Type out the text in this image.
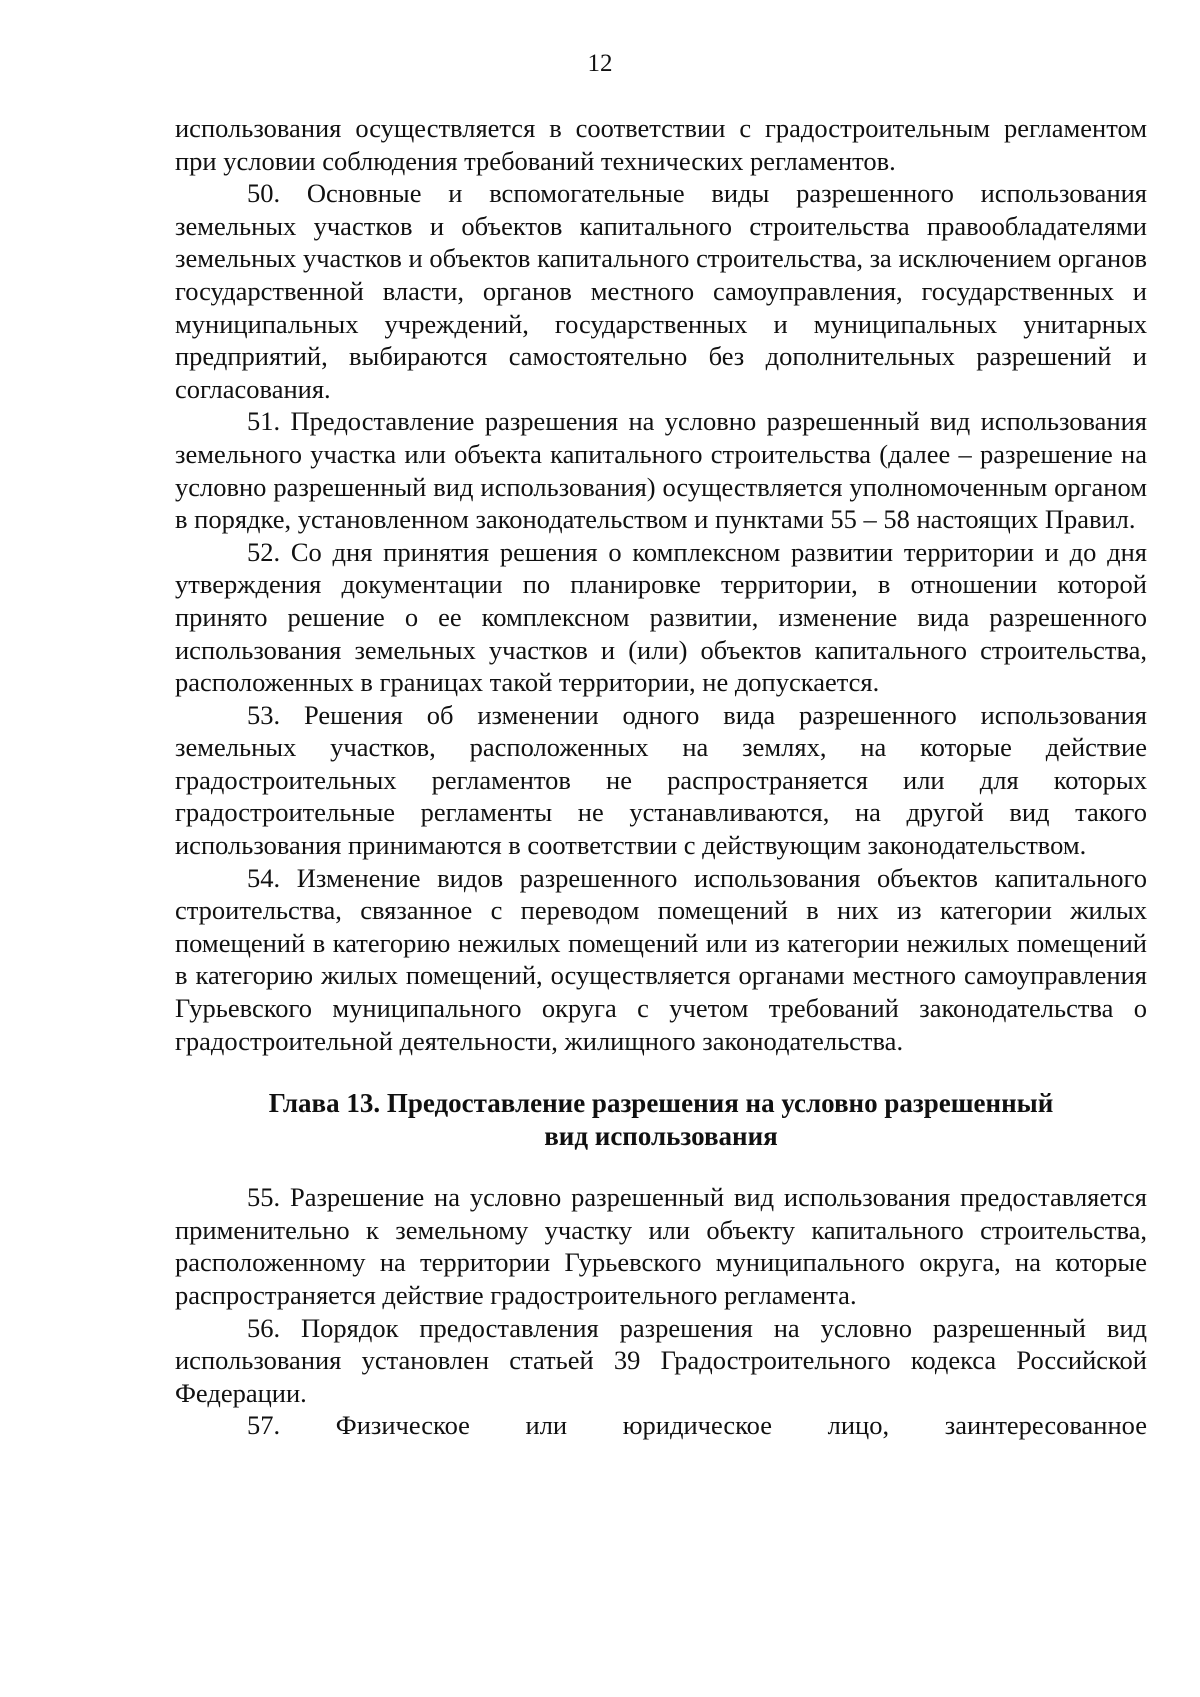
12

использования осуществляется в соответствии с градостроительным регламентом при условии соблюдения требований технических регламентов.

50. Основные и вспомогательные виды разрешенного использования земельных участков и объектов капитального строительства правообладателями земельных участков и объектов капитального строительства, за исключением органов государственной власти, органов местного самоуправления, государственных и муниципальных учреждений, государственных и муниципальных унитарных предприятий, выбираются самостоятельно без дополнительных разрешений и согласования.

51. Предоставление разрешения на условно разрешенный вид использования земельного участка или объекта капитального строительства (далее – разрешение на условно разрешенный вид использования) осуществляется уполномоченным органом в порядке, установленном законодательством и пунктами 55 – 58 настоящих Правил.

52. Со дня принятия решения о комплексном развитии территории и до дня утверждения документации по планировке территории, в отношении которой принято решение о ее комплексном развитии, изменение вида разрешенного использования земельных участков и (или) объектов капитального строительства, расположенных в границах такой территории, не допускается.

53. Решения об изменении одного вида разрешенного использования земельных участков, расположенных на землях, на которые действие градостроительных регламентов не распространяется или для которых градостроительные регламенты не устанавливаются, на другой вид такого использования принимаются в соответствии с действующим законодательством.

54. Изменение видов разрешенного использования объектов капитального строительства, связанное с переводом помещений в них из категории жилых помещений в категорию нежилых помещений или из категории нежилых помещений в категорию жилых помещений, осуществляется органами местного самоуправления Гурьевского муниципального округа с учетом требований законодательства о градостроительной деятельности, жилищного законодательства.

Глава 13. Предоставление разрешения на условно разрешенный
вид использования

55. Разрешение на условно разрешенный вид использования предоставляется применительно к земельному участку или объекту капитального строительства, расположенному на территории Гурьевского муниципального округа, на которые распространяется действие градостроительного регламента.

56. Порядок предоставления разрешения на условно разрешенный вид использования установлен статьей 39 Градостроительного кодекса Российской Федерации.

57. Физическое или юридическое лицо, заинтересованное
